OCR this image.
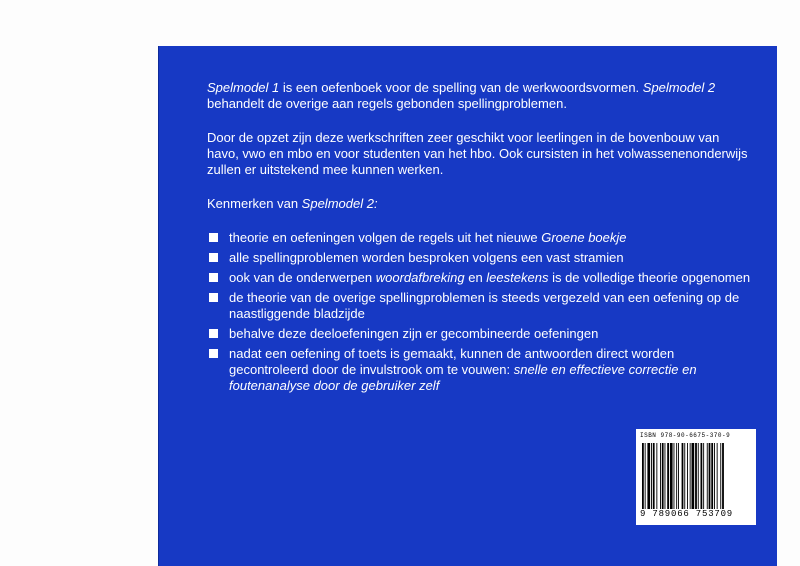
Spelmodel 1 is een oefenboek voor de spelling van de werkwoordsvormen. Spelmodel 2 behandelt de overige aan regels gebonden spellingproblemen.

Door de opzet zijn deze werkschriften zeer geschikt voor leerlingen in de bovenbouw van havo, vwo en mbo en voor studenten van het hbo. Ook cursisten in het volwassenenonderwijs zullen er uitstekend mee kunnen werken.

Kenmerken van Spelmodel 2:

theorie en oefeningen volgen de regels uit het nieuwe Groene boekje
alle spellingproblemen worden besproken volgens een vast stramien
ook van de onderwerpen woordafbreking en leestekens is de volledige theorie opgenomen
de theorie van de overige spellingproblemen is steeds vergezeld van een oefening op de naastliggende bladzijde
behalve deze deeloefeningen zijn er gecombineerde oefeningen
nadat een oefening of toets is gemaakt, kunnen de antwoorden direct worden gecontroleerd door de invulstrook om te vouwen: snelle en effectieve correctie en foutenanalyse door de gebruiker zelf
ISBN 978-90-6675-370-9
9 789066 753709
